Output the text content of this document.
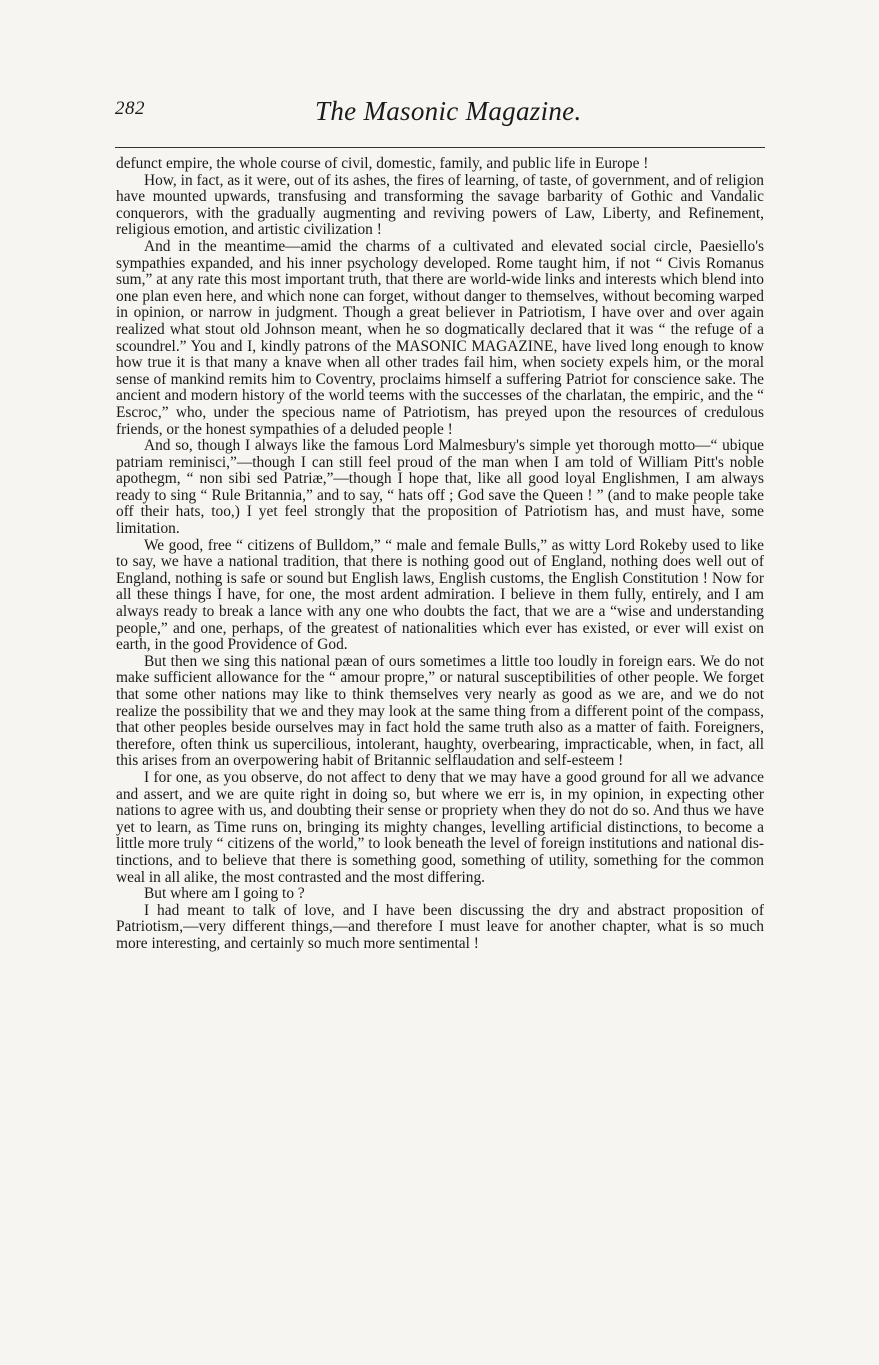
282	The Masonic Magazine.

defunct empire, the whole course of civil, domestic, family, and public life in Europe !

How, in fact, as it were, out of its ashes, the fires of learning, of taste, of government, and of religion have mounted upwards, transfusing and transforming the savage barbarity of Gothic and Vandalic conquerors, with the gradually augmenting and reviving powers of Law, Liberty, and Refinement, religious emotion, and artistic civilization !

And in the meantime—amid the charms of a cultivated and elevated social circle, Paesiello's sympathies expanded, and his inner psychology developed. Rome taught him, if not “ Civis Romanus sum,” at any rate this most important truth, that there are world-wide links and interests which blend into one plan even here, and which none can forget, without danger to themselves, without becoming warped in opinion, or narrow in judgment. Though a great believer in Patriotism, I have over and over again realized what stout old Johnson meant, when he so dogmatically declared that it was “ the refuge of a scoundrel.” You and I, kindly patrons of the MASONIC MAGAZINE, have lived long enough to know how true it is that many a knave when all other trades fail him, when society expels him, or the moral sense of mankind remits him to Coventry, proclaims himself a suffering Patriot for conscience sake. The ancient and modern history of the world teems with the successes of the charlatan, the empiric, and the “ Escroc,” who, under the specious name of Patriotism, has preyed upon the resources of credulous friends, or the honest sympathies of a deluded people !

And so, though I always like the famous Lord Malmesbury's simple yet thorough motto—“ ubique patriam reminisci,”—though I can still feel proud of the man when I am told of William Pitt's noble apothegm, “ non sibi sed Patriæ,”—though I hope that, like all good loyal Englishmen, I am always ready to sing “ Rule Britannia,” and to say, “ hats off ; God save the Queen ! ” (and to make people take off their hats, too,) I yet feel strongly that the proposition of Patriotism has, and must have, some limitation.

We good, free “ citizens of Bulldom,” “ male and female Bulls,” as witty Lord Rokeby used to like to say, we have a national tradition, that there is nothing good out of England, nothing does well out of England, nothing is safe or sound but English laws, English customs, the English Constitution ! Now for all these things I have, for one, the most ardent admiration. I believe in them fully, entirely, and I am always ready to break a lance with any one who doubts the fact, that we are a “wise and understanding people,” and one, perhaps, of the greatest of nationalities which ever has existed, or ever will exist on earth, in the good Providence of God.

But then we sing this national pæan of ours sometimes a little too loudly in foreign ears. We do not make sufficient allowance for the “ amour propre,” or natural susceptibilities of other people. We forget that some other nations may like to think themselves very nearly as good as we are, and we do not realize the possibility that we and they may look at the same thing from a different point of the compass, that other peoples beside ourselves may in fact hold the same truth also as a matter of faith. Foreigners, therefore, often think us supercilious, intolerant, haughty, overbearing, impracticable, when, in fact, all this arises from an overpowering habit of Britannic selflaudation and self-esteem !

I for one, as you observe, do not affect to deny that we may have a good ground for all we advance and assert, and we are quite right in doing so, but where we err is, in my opinion, in expecting other nations to agree with us, and doubting their sense or propriety when they do not do so. And thus we have yet to learn, as Time runs on, bringing its mighty changes, levelling artificial distinctions, to become a little more truly “ citizens of the world,” to look beneath the level of foreign institutions and national distinctions, and to believe that there is something good, something of utility, something for the common weal in all alike, the most contrasted and the most differing.

But where am I going to ?

I had meant to talk of love, and I have been discussing the dry and abstract proposition of Patriotism,—very different things,—and therefore I must leave for another chapter, what is so much more interesting, and certainly so much more sentimental !
